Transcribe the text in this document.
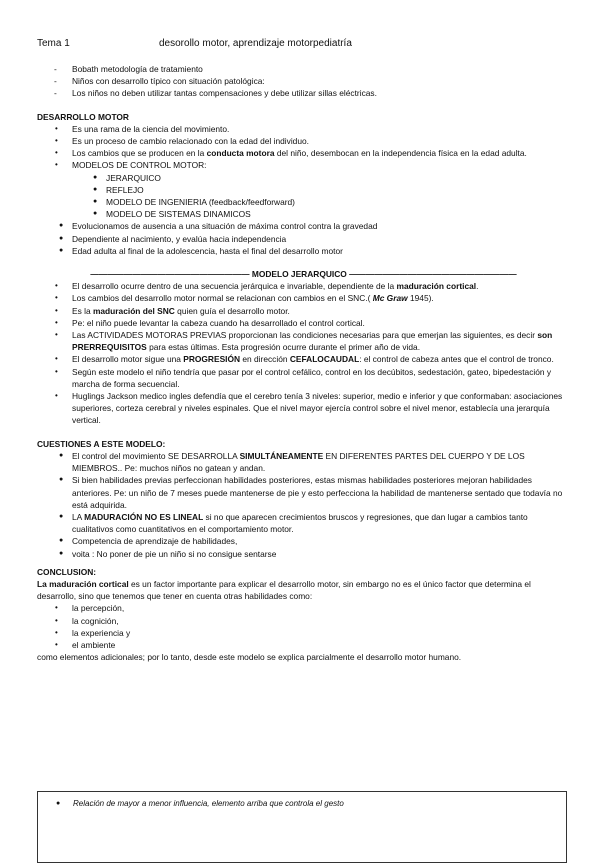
Tema 1	desorollo motor, aprendizaje motorpediatría
- Bobath metodología de tratamiento
- Niños con desarrollo típico con situación patológica:
- Los niños no deben utilizar tantas compensaciones y debe utilizar sillas eléctricas.
DESARROLLO MOTOR
• Es una rama de la ciencia del movimiento.
• Es un proceso de cambio relacionado con la edad del individuo.
• Los cambios que se producen en la conducta motora del niño, desembocan en la independencia física en la edad adulta.
• MODELOS DE CONTROL MOTOR:
● JERARQUICO
● REFLEJO
● MODELO DE INGENIERIA (feedback/feedforward)
● MODELO DE SISTEMAS DINAMICOS
● Evolucionamos de ausencia a una situación de máxima control contra la gravedad
● Dependiente al nacimiento, y evalúa hacia independencia
● Edad adulta al final de la adolescencia, hasta el final del desarrollo motor
——————————————————— MODELO JERARQUICO ————————————————————
• El desarrollo ocurre dentro de una secuencia jerárquica e invariable, dependiente de la maduración cortical.
• Los cambios del desarrollo motor normal se relacionan con cambios en el SNC.( Mc Graw 1945).
• Es la maduración del SNC quien guía el desarrollo motor.
• Pe: el niño puede levantar la cabeza cuando ha desarrollado el control cortical.
• Las ACTIVIDADES MOTORAS PREVIAS proporcionan las condiciones necesarias para que emerjan las siguientes, es decir son PRERREQUISITOS para estas últimas. Esta progresión ocurre durante el primer año de vida.
• El desarrollo motor sigue una PROGRESIÓN en dirección CEFALOCAUDAL: el control de cabeza antes que el control de tronco.
• Según este modelo el niño tendría que pasar por el control cefálico, control en los decúbitos, sedestación, gateo, bipedestación y marcha de forma secuencial.
• Huglings Jackson medico ingles defendía que el cerebro tenía 3 niveles: superior, medio e inferior y que conformaban: asociaciones superiores, corteza cerebral y niveles espinales. Que el nivel mayor ejercía control sobre el nivel menor, establecía una jerarquía vertical.
CUESTIONES A ESTE MODELO:
● El control del movimiento SE DESARROLLA SIMULTÁNEAMENTE EN DIFERENTES PARTES DEL CUERPO Y DE LOS MIEMBROS.. Pe: muchos niños no gatean y andan.
● Si bien habilidades previas perfeccionan habilidades posteriores, estas mismas habilidades posteriores mejoran habilidades anteriores. Pe: un niño de 7 meses puede mantenerse de pie y esto perfecciona la habilidad de mantenerse sentado que todavía no está adquirida.
● LA MADURACIÓN NO ES LINEAL si no que aparecen crecimientos bruscos y regresiones, que dan lugar a cambios tanto cualitativos como cuantitativos en el comportamiento motor.
● Competencia de aprendizaje de habilidades,
● voita : No poner de pie un niño si no consigue sentarse
CONCLUSION:
La maduración cortical es un factor importante para explicar el desarrollo motor, sin embargo no es el único factor que determina el desarrollo, sino que tenemos que tener en cuenta otras habilidades como:
• la percepción,
• la cognición,
• la experiencia y
• el ambiente
como elementos adicionales; por lo tanto, desde este modelo se explica parcialmente el desarrollo motor humano.
●	Relación de mayor a menor influencia, elemento arriba que controla el gesto
